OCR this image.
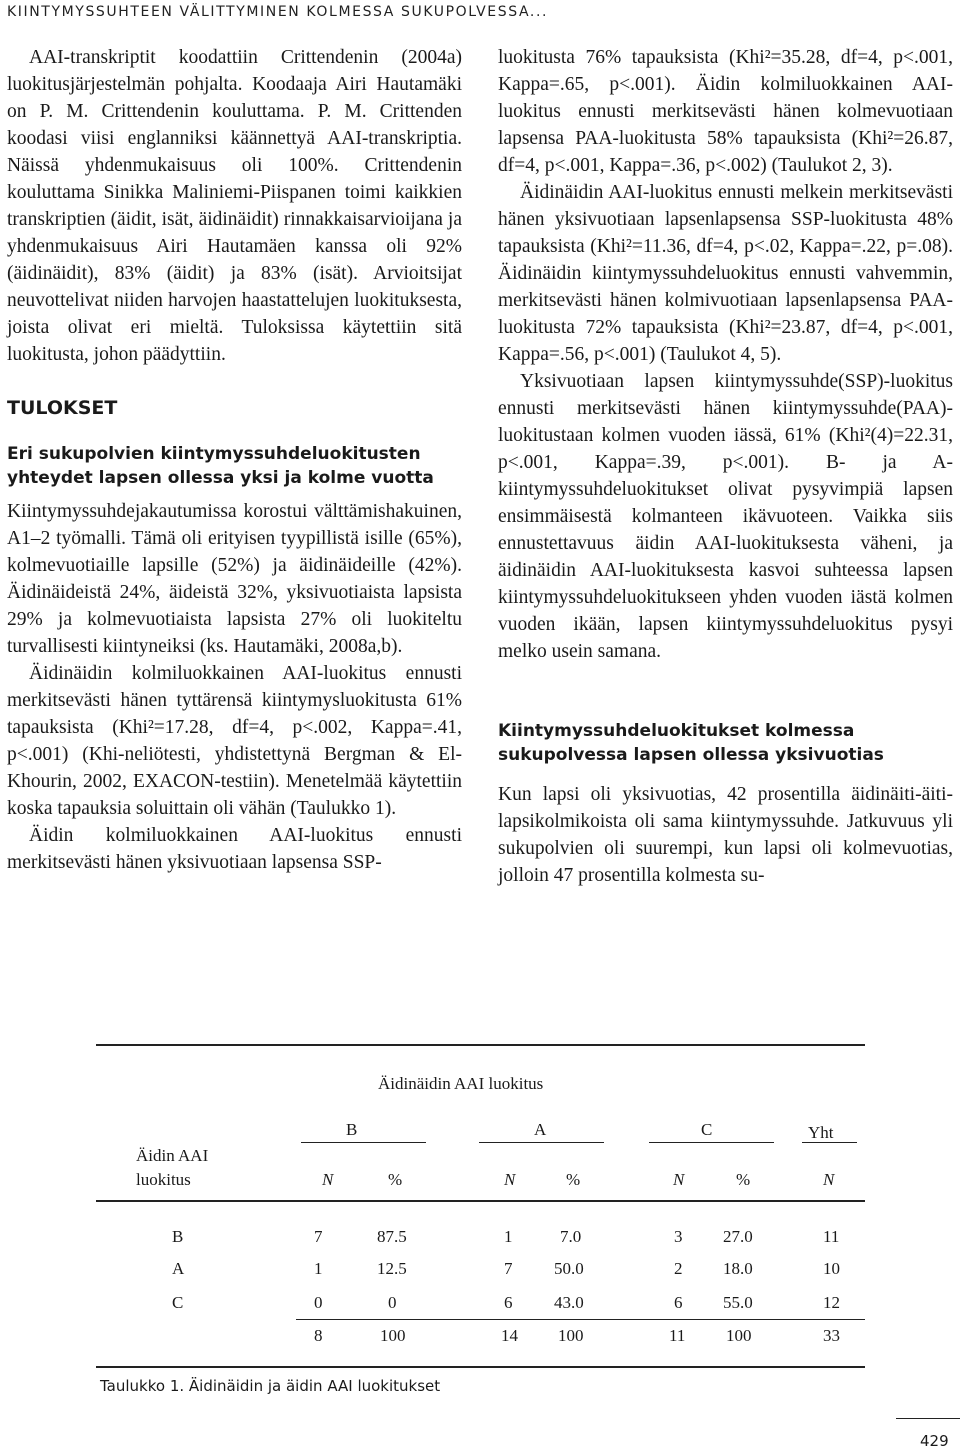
KIINTYMYSSUHTEEN VÄLITTYMINEN KOLMESSA SUKUPOLVESSA...

AAI-transkriptit koodattiin Crittendenin (2004a) luokitusjärjestelmän pohjalta. Koodaaja Airi Hautamäki on P. M. Crittendenin kouluttama. P. M. Crittenden koodasi viisi englanniksi käännettyä AAI-transkriptia. Näissä yhdenmukaisuus oli 100%. Crittendenin kouluttama Sinikka Maliniemi-Piispanen toimi kaikkien transkriptien (äidit, isät, äidinäidit) rinnakkaisarvioijana ja yhdenmukaisuus Airi Hautamäen kanssa oli 92% (äidinäidit), 83% (äidit) ja 83% (isät). Arvioitsijat neuvottelivat niiden harvojen haastattelujen luokituksesta, joista olivat eri mieltä. Tuloksissa käytettiin sitä luokitusta, johon päädyttiin.

TULOKSET
Eri sukupolvien kiintymyssuhdeluokitusten yhteydet lapsen ollessa yksi ja kolme vuotta

Kiintymyssuhdejakautumissa korostui välttämishakuinen, A1–2 työmalli. Tämä oli erityisen tyypillistä isille (65%), kolmevuotiaille lapsille (52%) ja äidinäideille (42%). Äidinäideistä 24%, äideistä 32%, yksivuotiaista lapsista 29% ja kolmevuotiaista lapsista 27% oli luokiteltu turvallisesti kiintyneiksi (ks. Hautamäki, 2008a,b).

Äidinäidin kolmiluokkainen AAI-luokitus ennusti merkitsevästi hänen tyttärensä kiintymysluokitusta 61% tapauksista (Khi²=17.28, df=4, p<.002, Kappa=.41, p<.001) (Khi-neliötesti, yhdistettynä Bergman & El-Khourin, 2002, EXACON-testiin). Menetelmää käytettiin koska tapauksia soluittain oli vähän (Taulukko 1).

Äidin kolmiluokkainen AAI-luokitus ennusti merkitsevästi hänen yksivuotiaan lapsensa SSP-

luokitusta 76% tapauksista (Khi²=35.28, df=4, p<.001, Kappa=.65, p<.001). Äidin kolmiluokkainen AAI-luokitus ennusti merkitsevästi hänen kolmevuotiaan lapsensa PAA-luokitusta 58% tapauksista (Khi²=26.87, df=4, p<.001, Kappa=.36, p<.002) (Taulukot 2, 3).

Äidinäidin AAI-luokitus ennusti melkein merkitsevästi hänen yksivuotiaan lapsenlapsensa SSP-luokitusta 48% tapauksista (Khi²=11.36, df=4, p<.02, Kappa=.22, p=.08). Äidinäidin kiintymyssuhdeluokitus ennusti vahvemmin, merkitsevästi hänen kolmivuotiaan lapsenlapsensa PAA-luokitusta 72% tapauksista (Khi²=23.87, df=4, p<.001, Kappa=.56, p<.001) (Taulukot 4, 5).

Yksivuotiaan lapsen kiintymyssuhde(SSP)-luokitus ennusti merkitsevästi hänen kiintymyssuhde(PAA)-luokitustaan kolmen vuoden iässä, 61% (Khi²(4)=22.31, p<.001, Kappa=.39, p<.001). B- ja A-kiintymyssuhdeluokitukset olivat pysyvimpiä lapsen ensimmäisestä kolmanteen ikävuoteen. Vaikka siis ennustettavuus äidin AAI-luokituksesta väheni, ja äidinäidin AAI-luokituksesta kasvoi suhteessa lapsen kiintymyssuhdeluokitukseen yhden vuoden iästä kolmen vuoden ikään, lapsen kiintymyssuhdeluokitus pysyi melko usein samana.

Kiintymyssuhdeluokitukset kolmessa sukupolvessa lapsen ollessa yksivuotias

Kun lapsi oli yksivuotias, 42 prosentilla äidinäiti-äiti-lapsikolmikoista oli sama kiintymyssuhde. Jatkuvuus yli sukupolvien oli suurempi, kun lapsi oli kolmevuotias, jolloin 47 prosentilla kolmesta su-

Äidinäidin AAI luokitus
B	A	C	Yht
Äidin AAI
luokitus	N	%	N	%	N	%	N
B	7	87.5	1	7.0	3 27.0	11
A	1	12.5	7 50.0	2 18.0	10
C	0	0	6 43.0	6 55.0	12
8	100	14 100	11 100	33
Taulukko 1. Äidinäidin ja äidin AAI luokitukset
429
